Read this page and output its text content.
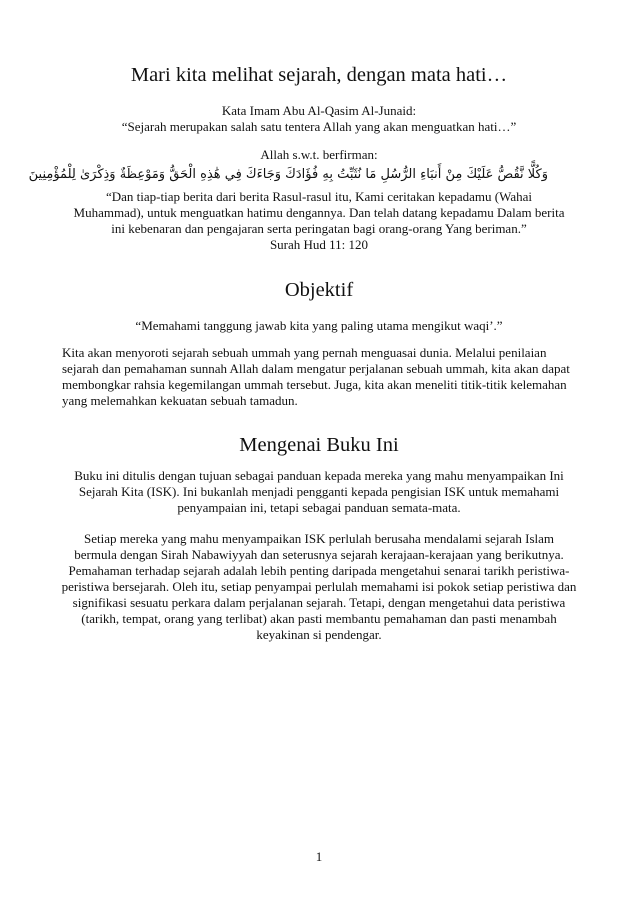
Mari kita melihat sejarah, dengan mata hati…
Kata Imam Abu Al-Qasim Al-Junaid:
“Sejarah merupakan salah satu tentera Allah yang akan menguatkan hati…”
Allah s.w.t. berfirman:
وَكُلًّا نَّقُصُّ عَلَيْكَ مِنْ أَنبَاءِ الرُّسُلِ مَا نُثَبِّتُ بِهِ فُؤَادَكَ وَجَاءَكَ فِي هَٰذِهِ الْحَقُّ وَمَوْعِظَةٌ وَذِكْرَىٰ لِلْمُؤْمِنِينَ
“Dan tiap-tiap berita dari berita Rasul-rasul itu, Kami ceritakan kepadamu (Wahai
Muhammad), untuk menguatkan hatimu dengannya. Dan telah datang kepadamu Dalam berita
ini kebenaran dan pengajaran serta peringatan bagi orang-orang Yang beriman.”
Surah Hud 11: 120
Objektif
“Memahami tanggung jawab kita yang paling utama mengikut waqi’.”
Kita akan menyoroti sejarah sebuah ummah yang pernah menguasai dunia. Melalui penilaian
sejarah dan pemahaman sunnah Allah dalam mengatur perjalanan sebuah ummah, kita akan dapat
membongkar rahsia kegemilangan ummah tersebut. Juga, kita akan meneliti titik-titik kelemahan
yang melemahkan kekuatan sebuah tamadun.
Mengenai Buku Ini
Buku ini ditulis dengan tujuan sebagai panduan kepada mereka yang mahu menyampaikan Ini
Sejarah Kita (ISK). Ini bukanlah menjadi pengganti kepada pengisian ISK untuk memahami
penyampaian ini, tetapi sebagai panduan semata-mata.
Setiap mereka yang mahu menyampaikan ISK perlulah berusaha mendalami sejarah Islam
bermula dengan Sirah Nabawiyyah dan seterusnya sejarah kerajaan-kerajaan yang berikutnya.
Pemahaman terhadap sejarah adalah lebih penting daripada mengetahui senarai tarikh peristiwa-
peristiwa bersejarah. Oleh itu, setiap penyampai perlulah memahami isi pokok setiap peristiwa dan
signifikasi sesuatu perkara dalam perjalanan sejarah. Tetapi, dengan mengetahui data peristiwa
(tarikh, tempat, orang yang terlibat) akan pasti membantu pemahaman dan pasti menambah
keyakinan si pendengar.
1
